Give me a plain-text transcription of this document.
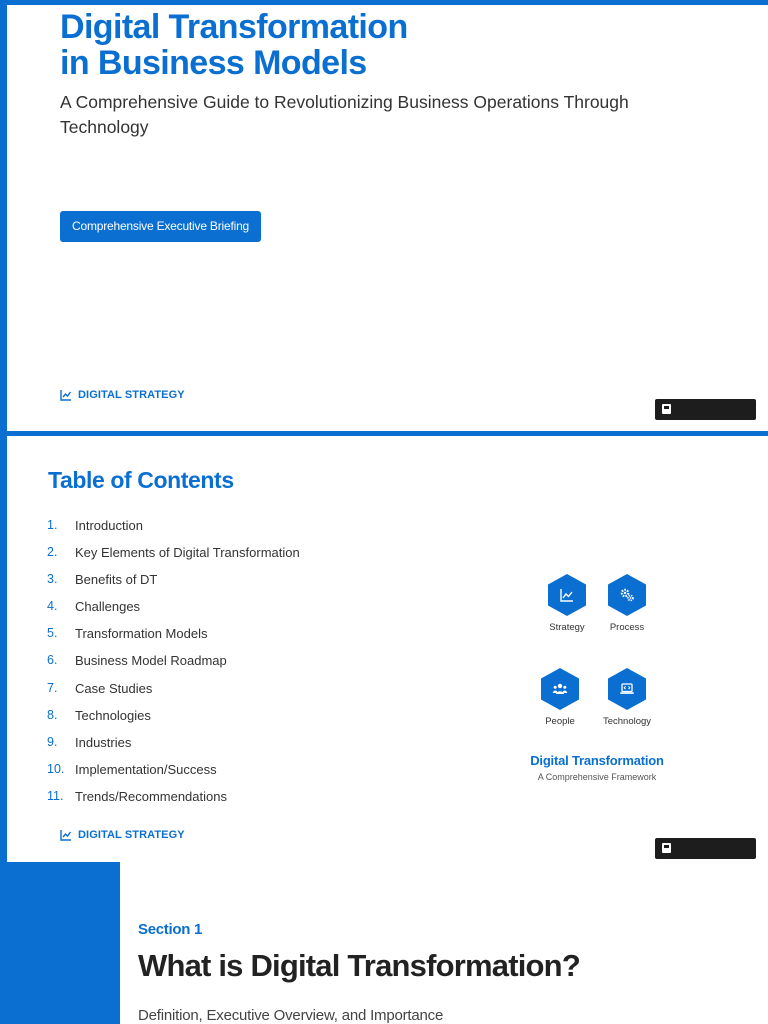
Digital Transformation
in Business Models

A Comprehensive Guide to Revolutionizing Business Operations Through Technology

Comprehensive Executive Briefing
DIGITAL STRATEGY
Table of Contents
1.	Introduction
2.	Key Elements of Digital Transformation
3.	Benefits of DT
4.	Challenges
5.	Transformation Models
6.	Business Model Roadmap
7.	Case Studies
8.	Technologies
9.	Industries
10. Implementation/Success
11. Trends/Recommendations
Strategy	Process
People	Technology
Digital Transformation
A Comprehensive Framework
DIGITAL STRATEGY
Section 1
What is Digital Transformation?

Definition, Executive Overview, and Importance
